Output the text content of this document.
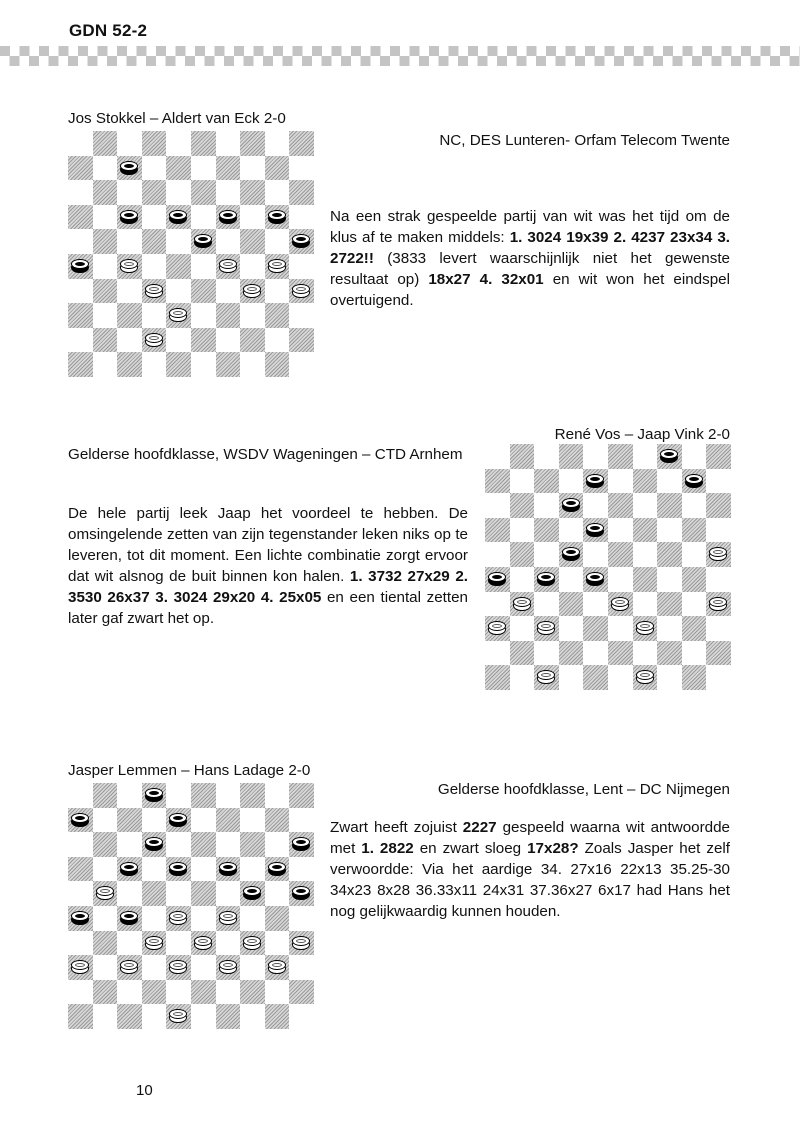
GDN 52-2
Jos Stokkel – Aldert van Eck 2-0
NC, DES Lunteren- Orfam Telecom Twente
Na een strak gespeelde partij van wit was het tijd om de klus af te maken middels: 1. 3024 19x39 2. 4237 23x34 3. 2722!! (3833 levert waarschijnlijk niet het gewenste resultaat op) 18x27 4. 32x01 en wit won het eindspel overtuigend.
René Vos – Jaap Vink 2-0
Gelderse hoofdklasse, WSDV Wageningen – CTD Arnhem
De hele partij leek Jaap het voordeel te hebben. De omsingelende zetten van zijn tegenstander leken niks op te leveren, tot dit moment. Een lichte combinatie zorgt ervoor dat wit alsnog de buit binnen kon halen. 1. 3732 27x29 2. 3530 26x37 3. 3024 29x20 4. 25x05 en een tiental zetten later gaf zwart het op.
Jasper Lemmen – Hans Ladage 2-0
Gelderse hoofdklasse, Lent – DC Nijmegen
Zwart heeft zojuist 2227 gespeeld waarna wit antwoordde met 1. 2822 en zwart sloeg 17x28? Zoals Jasper het zelf verwoordde: Via het aardige 34. 27x16 22x13 35.25-30 34x23 8x28 36.33x11 24x31 37.36x27 6x17 had Hans het nog gelijkwaardig kunnen houden.
10
